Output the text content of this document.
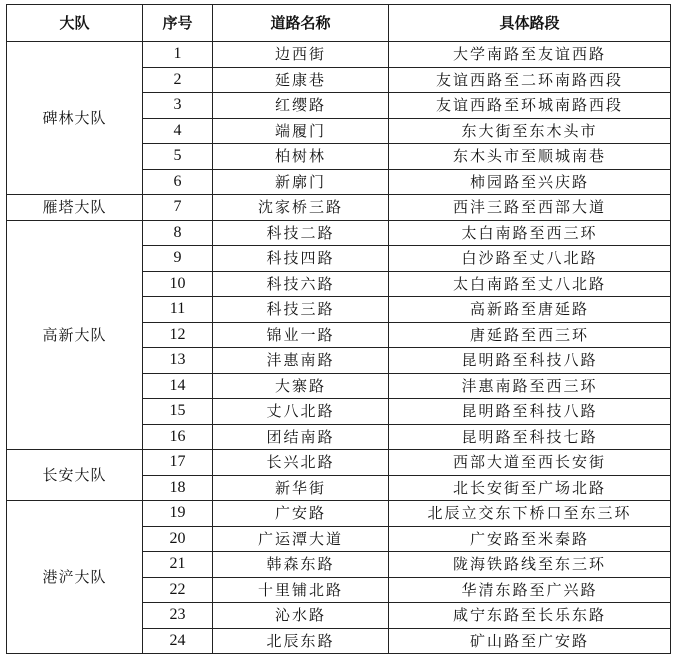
大队	序号	道路名称	具体路段
碑林大队	1	边西街	大学南路至友谊西路
	2	延康巷	友谊西路至二环南路西段
	3	红缨路	友谊西路至环城南路西段
	4	端履门	东大街至东木头市
	5	柏树林	东木头市至顺城南巷
	6	新廓门	柿园路至兴庆路
雁塔大队	7	沈家桥三路	西沣三路至西部大道
高新大队	8	科技二路	太白南路至西三环
	9	科技四路	白沙路至丈八北路
	10	科技六路	太白南路至丈八北路
	11	科技三路	高新路至唐延路
	12	锦业一路	唐延路至西三环
	13	沣惠南路	昆明路至科技八路
	14	大寨路	沣惠南路至西三环
	15	丈八北路	昆明路至科技八路
	16	团结南路	昆明路至科技七路
长安大队	17	长兴北路	西部大道至西长安街
	18	新华街	北长安街至广场北路
港浐大队	19	广安路	北辰立交东下桥口至东三环
	20	广运潭大道	广安路至米秦路
	21	韩森东路	陇海铁路线至东三环
	22	十里铺北路	华清东路至广兴路
	23	沁水路	咸宁东路至长乐东路
	24	北辰东路	矿山路至广安路
